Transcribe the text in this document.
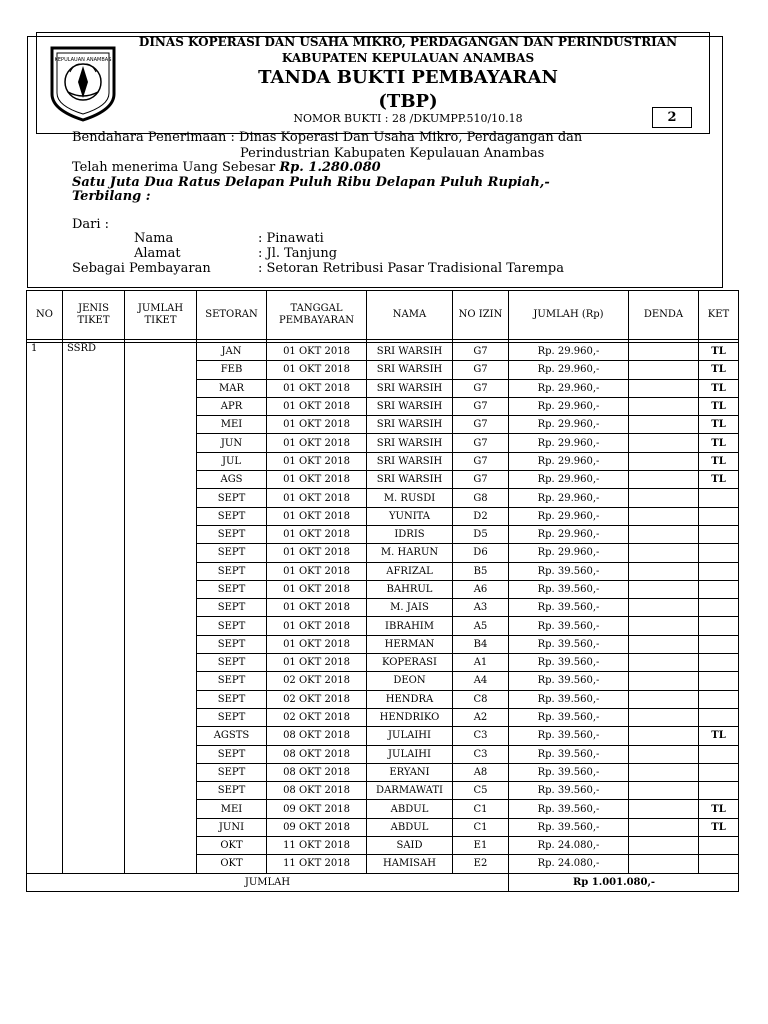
KEPULAUAN ANAMBAS
DINAS KOPERASI DAN USAHA MIKRO, PERDAGANGAN DAN PERINDUSTRIAN
KABUPATEN KEPULAUAN ANAMBAS
TANDA BUKTI PEMBAYARAN
(TBP)
NOMOR BUKTI : 28 /DKUMPP.510/10.18	2
Bendahara Penerimaan : Dinas Koperasi Dan Usaha Mikro, Perdagangan dan
Perindustrian Kabupaten Kepulauan Anambas
Telah menerima Uang Sebesar Rp. 1.280.080
Satu Juta Dua Ratus Delapan Puluh Ribu Delapan Puluh Rupiah,-
Terbilang :
Dari :
Nama	: Pinawati
Alamat	: Jl. Tanjung
Sebagai Pembayaran	: Setoran Retribusi Pasar Tradisional Tarempa
NO	JENIS TIKET	JUMLAH TIKET	SETORAN	TANGGAL PEMBAYARAN	NAMA	NO IZIN	JUMLAH (Rp)	DENDA	KET

1	SSRD		JAN	01 OKT 2018	SRI WARSIH	G7	Rp. 29.960,-		TL
			FEB	01 OKT 2018	SRI WARSIH	G7	Rp. 29.960,-		TL
			MAR	01 OKT 2018	SRI WARSIH	G7	Rp. 29.960,-		TL
			APR	01 OKT 2018	SRI WARSIH	G7	Rp. 29.960,-		TL
			MEI	01 OKT 2018	SRI WARSIH	G7	Rp. 29.960,-		TL
			JUN	01 OKT 2018	SRI WARSIH	G7	Rp. 29.960,-		TL
			JUL	01 OKT 2018	SRI WARSIH	G7	Rp. 29.960,-		TL
			AGS	01 OKT 2018	SRI WARSIH	G7	Rp. 29.960,-		TL
			SEPT	01 OKT 2018	M. RUSDI	G8	Rp. 29.960,-		
			SEPT	01 OKT 2018	YUNITA	D2	Rp. 29.960,-		
			SEPT	01 OKT 2018	IDRIS	D5	Rp. 29.960,-		
			SEPT	01 OKT 2018	M. HARUN	D6	Rp. 29.960,-		
			SEPT	01 OKT 2018	AFRIZAL	B5	Rp. 39.560,-		
			SEPT	01 OKT 2018	BAHRUL	A6	Rp. 39.560,-		
			SEPT	01 OKT 2018	M. JAIS	A3	Rp. 39.560,-		
			SEPT	01 OKT 2018	IBRAHIM	A5	Rp. 39.560,-		
			SEPT	01 OKT 2018	HERMAN	B4	Rp. 39.560,-		
			SEPT	01 OKT 2018	KOPERASI	A1	Rp. 39.560,-		
			SEPT	02 OKT 2018	DEON	A4	Rp. 39.560,-		
			SEPT	02 OKT 2018	HENDRA	C8	Rp. 39.560,-		
			SEPT	02 OKT 2018	HENDRIKO	A2	Rp. 39.560,-		
			AGSTS	08 OKT 2018	JULAIHI	C3	Rp. 39.560,-		TL
			SEPT	08 OKT 2018	JULAIHI	C3	Rp. 39.560,-		
			SEPT	08 OKT 2018	ERYANI	A8	Rp. 39.560,-		
			SEPT	08 OKT 2018	DARMAWATI	C5	Rp. 39.560,-		
			MEI	09 OKT 2018	ABDUL	C1	Rp. 39.560,-		TL
			JUNI	09 OKT 2018	ABDUL	C1	Rp. 39.560,-		TL
			OKT	11 OKT 2018	SAID	E1	Rp. 24.080,-		
			OKT	11 OKT 2018	HAMISAH	E2	Rp. 24.080,-		
JUMLAH							Rp 1.001.080,-		
